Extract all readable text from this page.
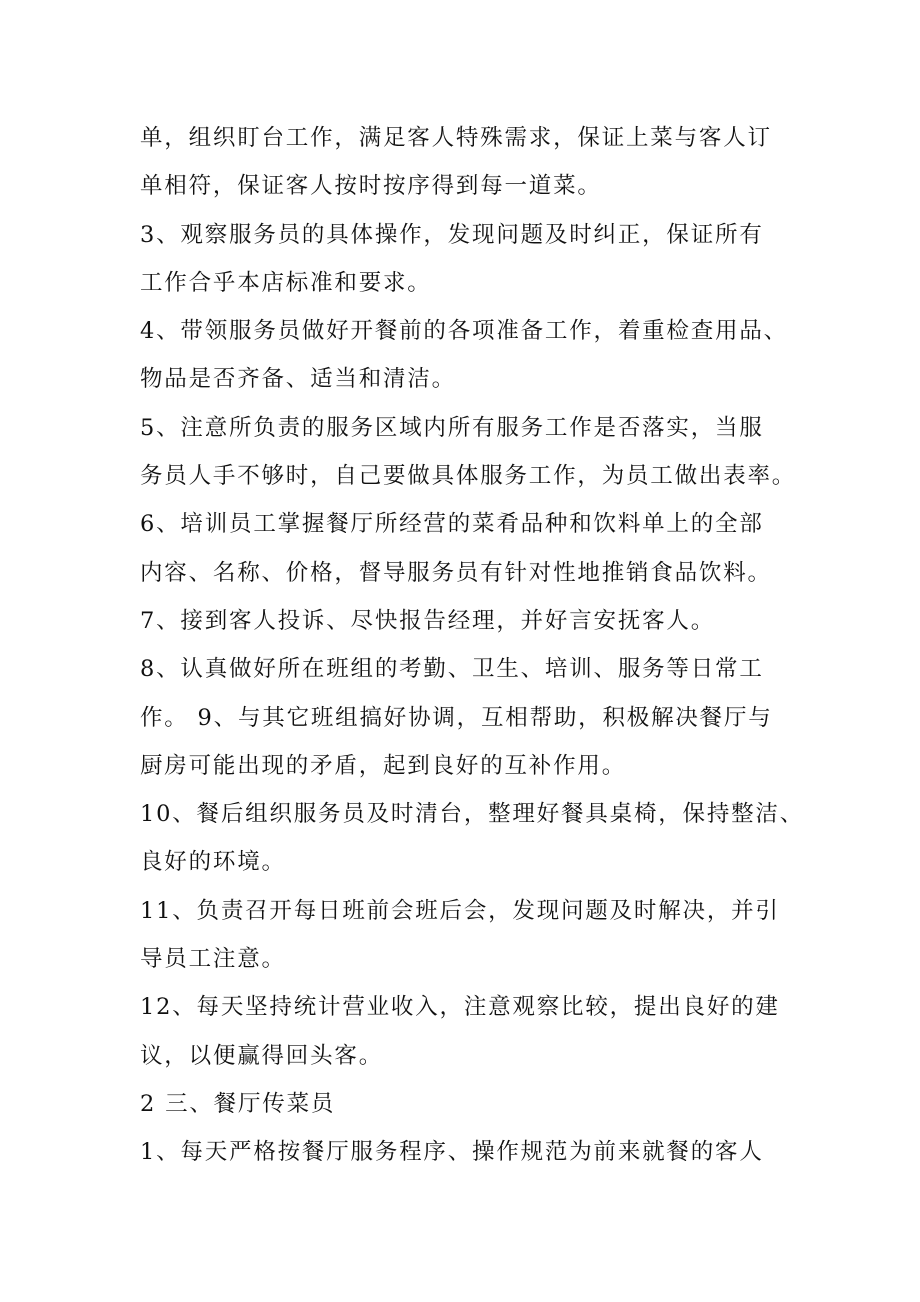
单，组织盯台工作，满足客人特殊需求，保证上菜与客人订
单相符，保证客人按时按序得到每一道菜。
3、观察服务员的具体操作，发现问题及时纠正，保证所有
工作合乎本店标准和要求。
4、带领服务员做好开餐前的各项准备工作，着重检查用品、
物品是否齐备、适当和清洁。
5、注意所负责的服务区域内所有服务工作是否落实，当服
务员人手不够时，自己要做具体服务工作，为员工做出表率。
6、培训员工掌握餐厅所经营的菜肴品种和饮料单上的全部
内容、名称、价格，督导服务员有针对性地推销食品饮料。
7、接到客人投诉、尽快报告经理，并好言安抚客人。
8、认真做好所在班组的考勤、卫生、培训、服务等日常工
作。 9、与其它班组搞好协调，互相帮助，积极解决餐厅与
厨房可能出现的矛盾，起到良好的互补作用。
10、餐后组织服务员及时清台，整理好餐具桌椅，保持整洁、
良好的环境。
11、负责召开每日班前会班后会，发现问题及时解决，并引
导员工注意。
12、每天坚持统计营业收入，注意观察比较，提出良好的建
议，以便赢得回头客。
2 三、餐厅传菜员
1、每天严格按餐厅服务程序、操作规范为前来就餐的客人
